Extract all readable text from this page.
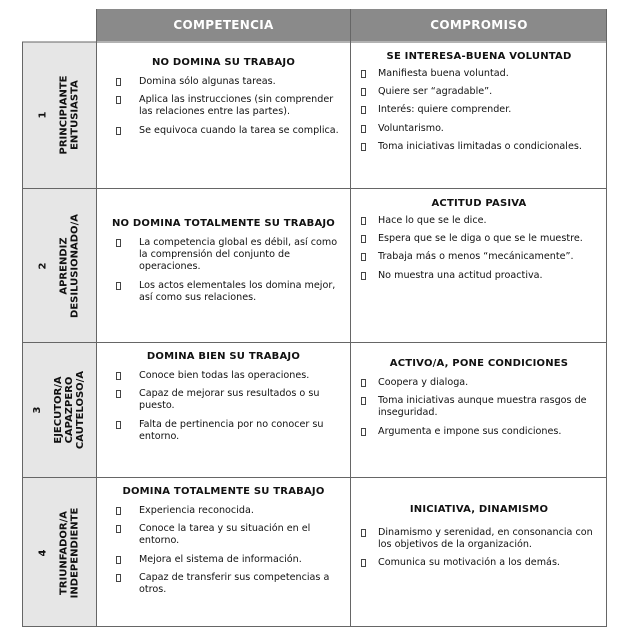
COMPETENCIA	COMPROMISO
1 PRINCIPIANTE ENTUSIASTA
NO DOMINA SU TRABAJO
Domina sólo algunas tareas.
Aplica las instrucciones (sin comprender las relaciones entre las partes).
Se equivoca cuando la tarea se complica.
SE INTERESA-BUENA VOLUNTAD
Manifiesta buena voluntad.
Quiere ser “agradable”.
Interés: quiere comprender.
Voluntarismo.
Toma iniciativas limitadas o condicionales.
2 APRENDIZ DESILUSIONADO/A	NO DOMINA TOTALMENTE SU TRABAJO
La competencia global es débil, así como la comprensión del conjunto de operaciones.
Los actos elementales los domina mejor, así como sus relaciones.
ACTITUD PASIVA
Hace lo que se le dice.
Espera que se le diga o que se le muestre.
Trabaja más o menos “mecánicamente”.
No muestra una actitud proactiva.
3 EJECUTOR/A CAPAZPERO CAUTELOSO/A
DOMINA BIEN SU TRABAJO
Conoce bien todas las operaciones.
Capaz de mejorar sus resultados o su puesto.
Falta de pertinencia por no conocer su entorno.
ACTIVO/A, PONE CONDICIONES
Coopera y dialoga.
Toma iniciativas aunque muestra rasgos de inseguridad.
Argumenta e impone sus condiciones.
4 TRIUNFADOR/A INDEPENDIENTE
DOMINA TOTALMENTE SU TRABAJO
Experiencia reconocida.
Conoce la tarea y su situación en el entorno.
Mejora el sistema de información.
Capaz de transferir sus competencias a otros.
INICIATIVA, DINAMISMO
Dinamismo y serenidad, en consonancia con los objetivos de la organización.
Comunica su motivación a los demás.
